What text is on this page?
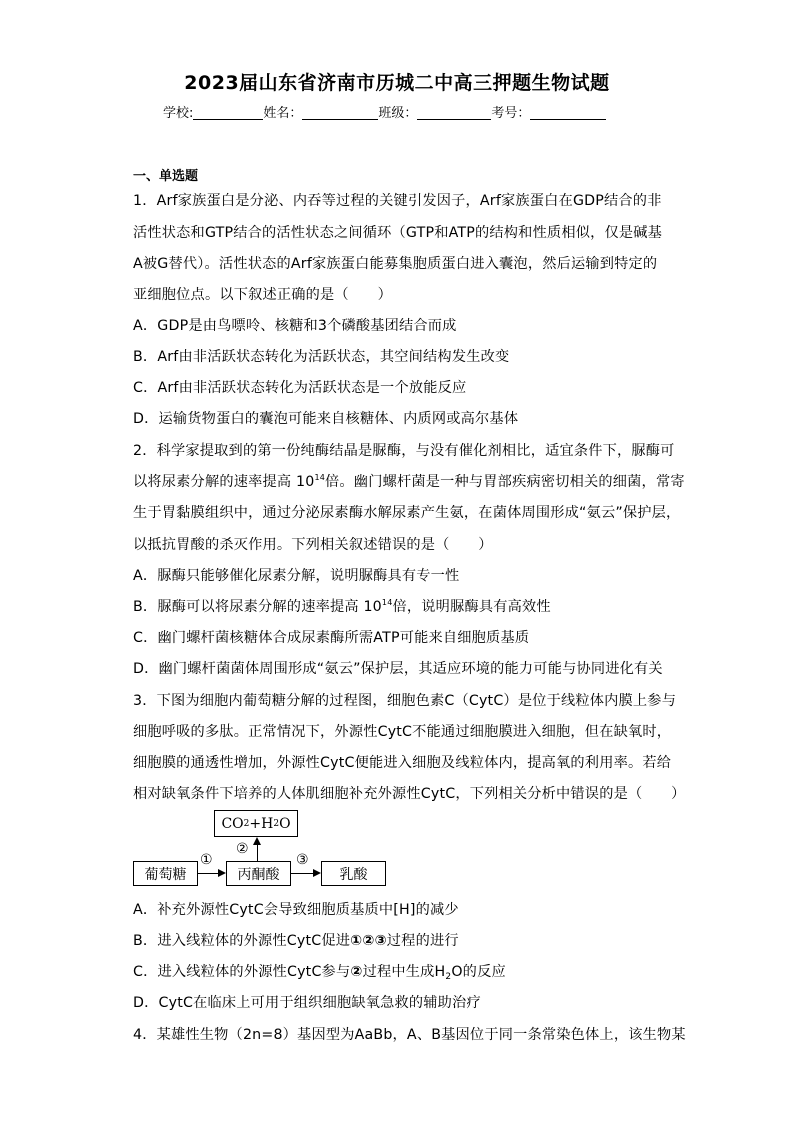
2023届山东省济南市历城二中高三押题生物试题
学校:	姓名：	班级：	考号：
一、单选题
1．Arf家族蛋白是分泌、内吞等过程的关键引发因子，Arf家族蛋白在GDP结合的非
活性状态和GTP结合的活性状态之间循环（GTP和ATP的结构和性质相似，仅是碱基
A被G替代）。活性状态的Arf家族蛋白能募集胞质蛋白进入囊泡，然后运输到特定的
亚细胞位点。以下叙述正确的是（　　）
A．GDP是由鸟嘌呤、核糖和3个磷酸基团结合而成
B．Arf由非活跃状态转化为活跃状态，其空间结构发生改变
C．Arf由非活跃状态转化为活跃状态是一个放能反应
D．运输货物蛋白的囊泡可能来自核糖体、内质网或高尔基体
2．科学家提取到的第一份纯酶结晶是脲酶，与没有催化剂相比，适宜条件下，脲酶可
以将尿素分解的速率提高 $10^{14}$倍。幽门螺杆菌是一种与胃部疾病密切相关的细菌，常寄
生于胃黏膜组织中，通过分泌尿素酶水解尿素产生氨，在菌体周围形成“氨云”保护层，
以抵抗胃酸的杀灭作用。下列相关叙述错误的是（　　）
A．脲酶只能够催化尿素分解，说明脲酶具有专一性
B．脲酶可以将尿素分解的速率提高 $10^{14}$倍，说明脲酶具有高效性
C．幽门螺杆菌核糖体合成尿素酶所需ATP可能来自细胞质基质
D．幽门螺杆菌菌体周围形成“氨云”保护层，其适应环境的能力可能与协同进化有关
3．下图为细胞内葡萄糖分解的过程图，细胞色素C（CytC）是位于线粒体内膜上参与
细胞呼吸的多肽。正常情况下，外源性CytC不能通过细胞膜进入细胞，但在缺氧时，
细胞膜的通透性增加，外源性CytC便能进入细胞及线粒体内，提高氧的利用率。若给
相对缺氧条件下培养的人体肌细胞补充外源性CytC，下列相关分析中错误的是（　　）
CO 2 +H 2 O
葡萄糖	丙酮酸	乳酸
①
②
③
A．补充外源性CytC会导致细胞质基质中[H]的减少
B．进入线粒体的外源性CytC促进①②③过程的进行
C．进入线粒体的外源性CytC参与②过程中生成$H_2O$的反应
D．CytC在临床上可用于组织细胞缺氧急救的辅助治疗
4．某雄性生物（2n=8）基因型为AaBb，A、B基因位于同一条常染色体上，该生物某
